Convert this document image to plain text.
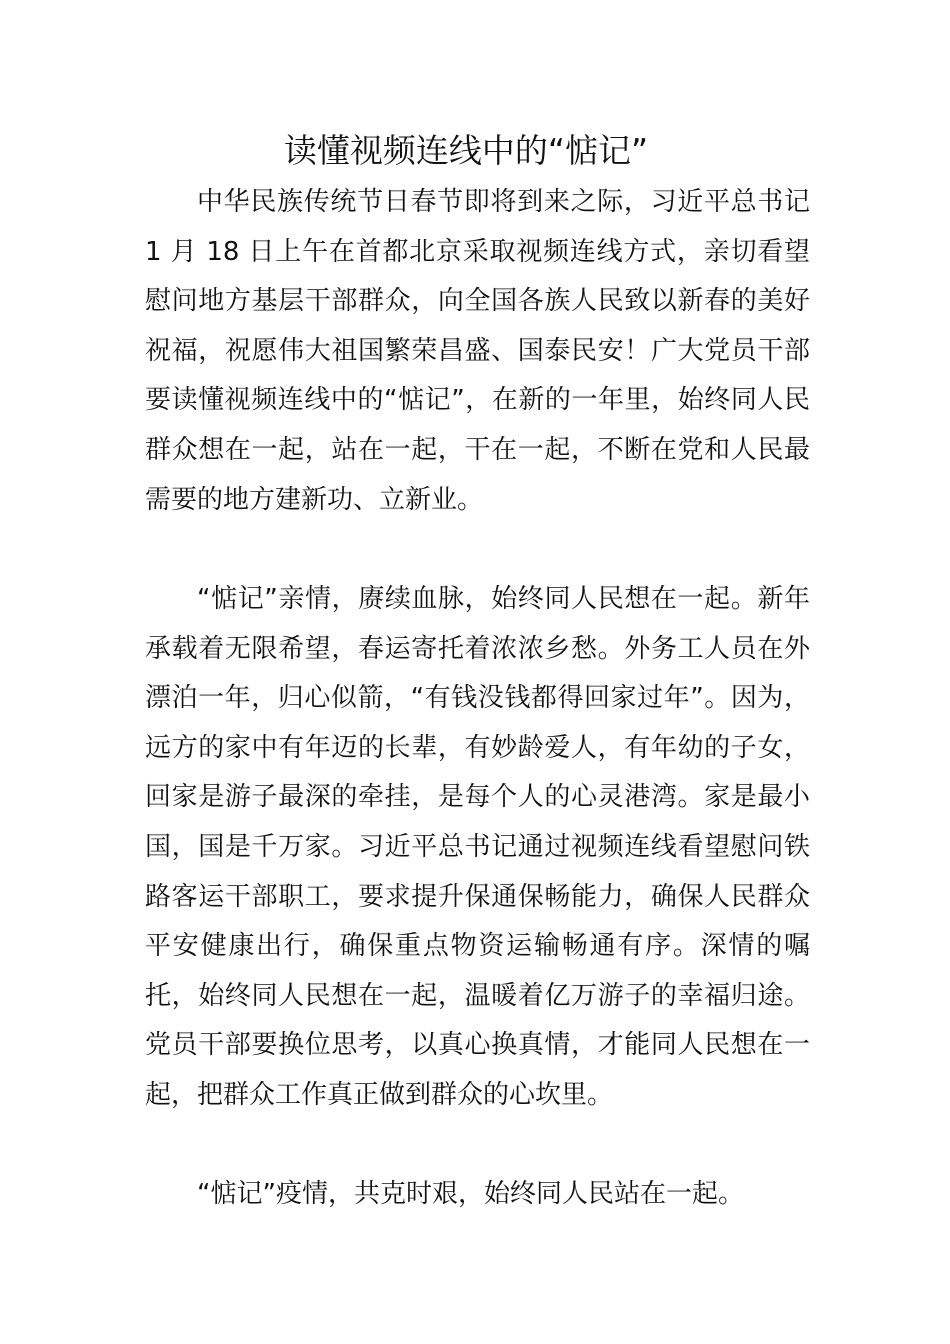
读懂视频连线中的“惦记”

中华民族传统节日春节即将到来之际，习近平总书记 1 月 18 日上午在首都北京采取视频连线方式，亲切看望慰问地方基层干部群众，向全国各族人民致以新春的美好祝福，祝愿伟大祖国繁荣昌盛、国泰民安！广大党员干部要读懂视频连线中的“惦记”，在新的一年里，始终同人民群众想在一起，站在一起，干在一起，不断在党和人民最需要的地方建新功、立新业。

“惦记”亲情，赓续血脉，始终同人民想在一起。新年承载着无限希望，春运寄托着浓浓乡愁。外务工人员在外漂泊一年，归心似箭，“有钱没钱都得回家过年”。因为，远方的家中有年迈的长辈，有妙龄爱人，有年幼的子女，回家是游子最深的牵挂，是每个人的心灵港湾。家是最小国，国是千万家。习近平总书记通过视频连线看望慰问铁路客运干部职工，要求提升保通保畅能力，确保人民群众平安健康出行，确保重点物资运输畅通有序。深情的嘱托，始终同人民想在一起，温暖着亿万游子的幸福归途。党员干部要换位思考，以真心换真情，才能同人民想在一起，把群众工作真正做到群众的心坎里。

“惦记”疫情，共克时艰，始终同人民站在一起。
